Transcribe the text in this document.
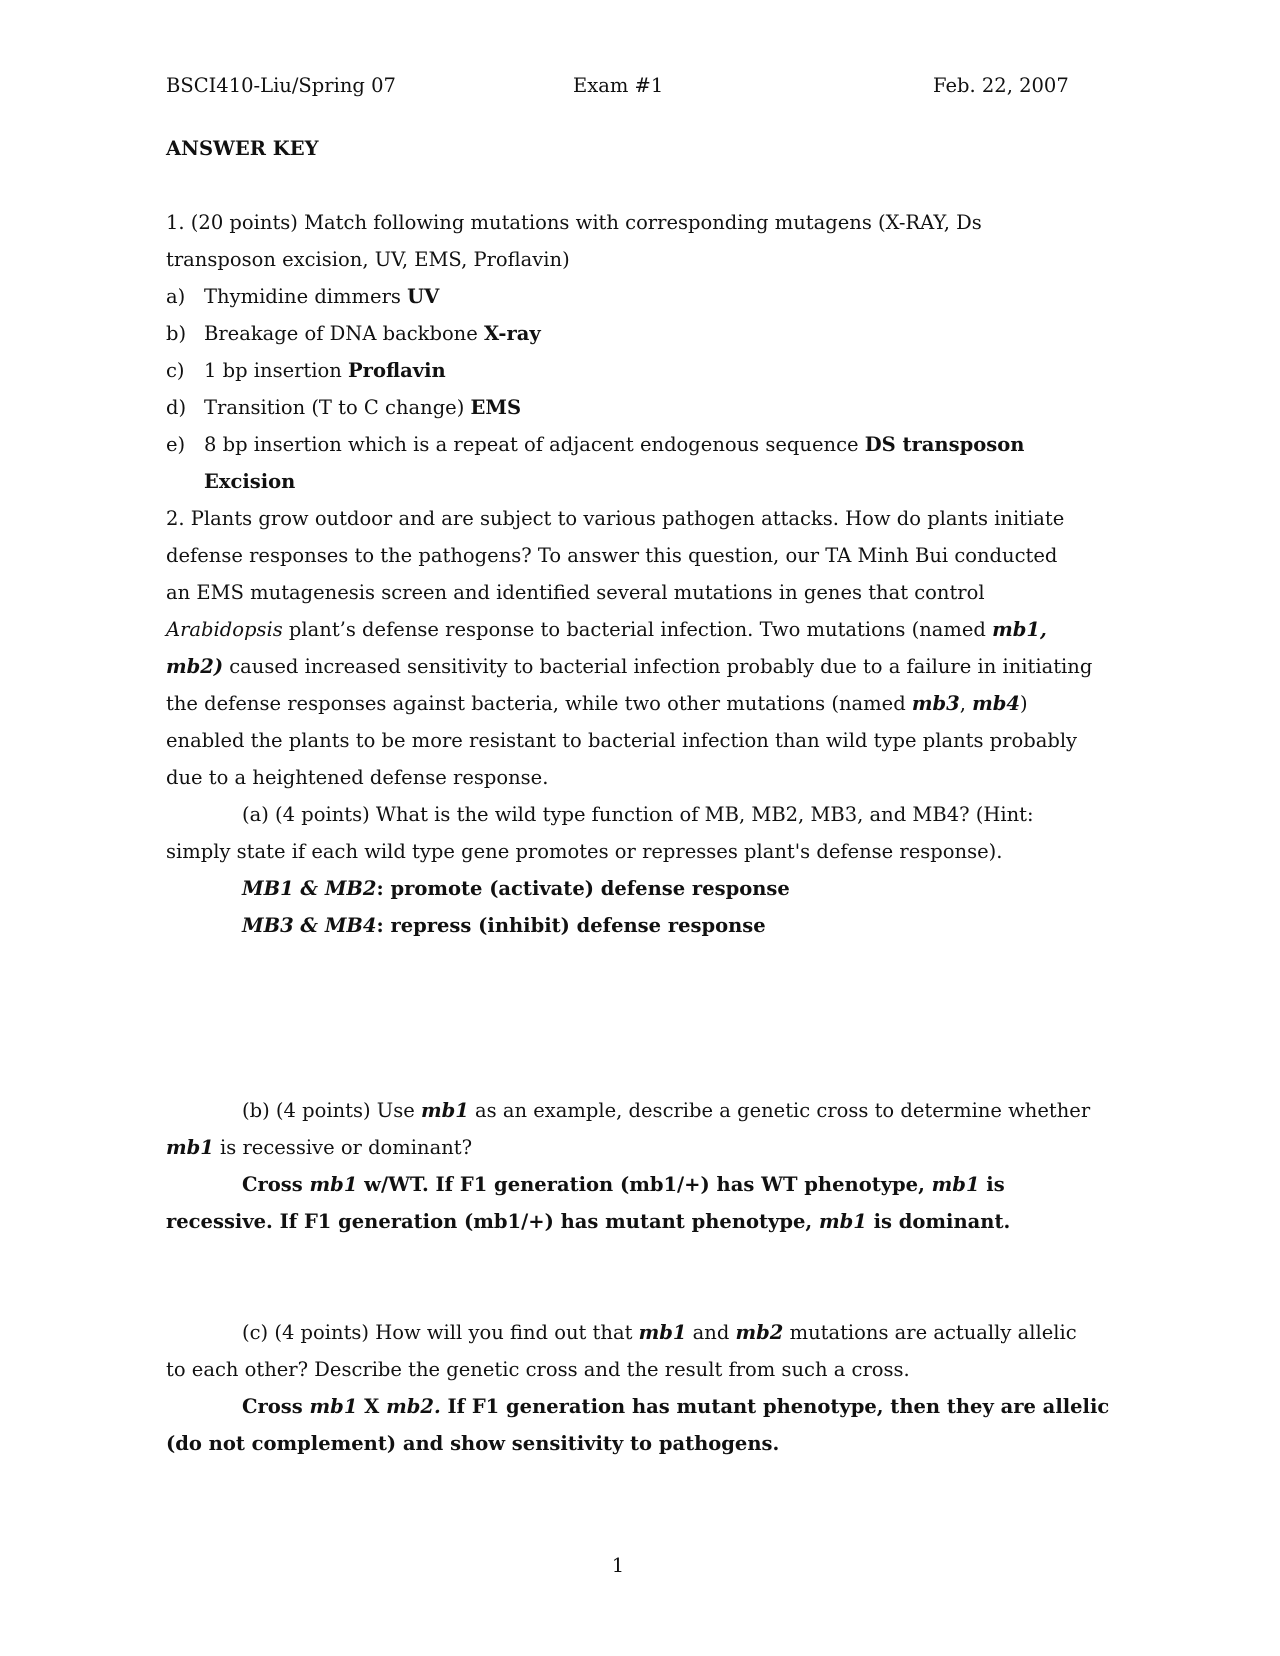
BSCI410-Liu/Spring 07	Exam #1	Feb. 22, 2007
ANSWER KEY
1. (20 points) Match following mutations with corresponding mutagens (X-RAY, Ds
transposon excision, UV, EMS, Proflavin)
a) Thymidine dimmers UV
b) Breakage of DNA backbone X-ray
c) 1 bp insertion Proflavin
d) Transition (T to C change) EMS
e) 8 bp insertion which is a repeat of adjacent endogenous sequence DS transposon
Excision
2. Plants grow outdoor and are subject to various pathogen attacks. How do plants initiate
defense responses to the pathogens? To answer this question, our TA Minh Bui conducted
an EMS mutagenesis screen and identified several mutations in genes that control
Arabidopsis plant’s defense response to bacterial infection. Two mutations (named mb1,
mb2) caused increased sensitivity to bacterial infection probably due to a failure in initiating
the defense responses against bacteria, while two other mutations (named mb3, mb4)
enabled the plants to be more resistant to bacterial infection than wild type plants probably
due to a heightened defense response.
(a) (4 points) What is the wild type function of MB, MB2, MB3, and MB4? (Hint:
simply state if each wild type gene promotes or represses plant's defense response).
MB1 & MB2: promote (activate) defense response
MB3 & MB4: repress (inhibit) defense response
(b) (4 points) Use mb1 as an example, describe a genetic cross to determine whether
mb1 is recessive or dominant?
Cross mb1 w/WT. If F1 generation (mb1/+) has WT phenotype, mb1 is
recessive. If F1 generation (mb1/+) has mutant phenotype, mb1 is dominant.
(c) (4 points) How will you find out that mb1 and mb2 mutations are actually allelic
to each other? Describe the genetic cross and the result from such a cross.
Cross mb1 X mb2. If F1 generation has mutant phenotype, then they are allelic
(do not complement) and show sensitivity to pathogens.
1
